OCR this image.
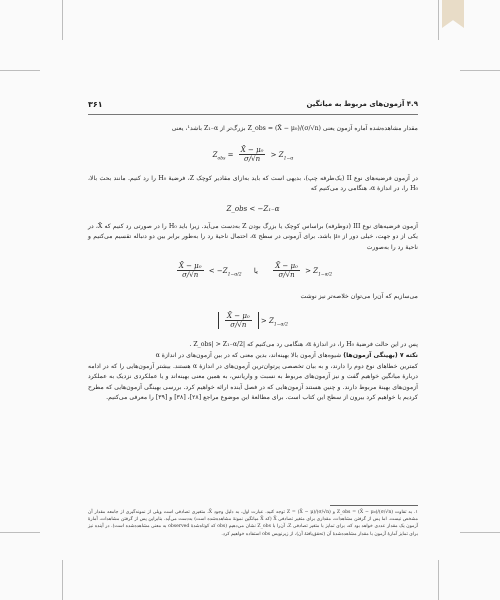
۴.۹ آزمون‌های مربوط به میانگین
۳۶۱
مقدار مشاهده‌شده آماره آزمون یعنی Z_obs = (X̄ − μ₀)/(σ/√n) بزرگ‌تر از Z₁₋α باشد¹، یعنی
$Z_{obs} = \frac{\text{X̄ − μ₀}}{\sigma/√n} > Z_{1-\alpha}$
در آزمون فرضیه‌های نوع II (یک‌طرفه چپ)، بدیهی است که باید به‌ازای مقادیر کوچک Z، فرضیهٔ H₀ را رد کنیم. مانند بحث بالا، H₀ را، در اندازهٔ α، هنگامی رد می‌کنیم که
Z_obs < −Z₁₋α
آزمون فرضیه‌های نوع III (دوطرفه) براساس کوچک یا بزرگ بودن Z به‌دست می‌آید. زیرا باید H₀ را در صورتی رد کنیم که X̄، در یکی از دو جهت، خیلی دور از μ₀ باشد. برای آزمونی در سطح α، احتمال ناحیهٔ رد را به‌طور برابر بین دو دنباله تقسیم می‌کنیم و ناحیهٔ رد را به‌صورت
$\frac{\text{X̄ − μ₀}}{\sigma/√n} < -Z_{1-\alpha/2}$ یا $\frac{\text{X̄ − μ₀}}{\sigma/√n} > Z_{1-\alpha/2}$
می‌سازیم که آن‌را می‌توان خلاصه‌تر نیز نوشت
$\frac{\text{X̄ − μ₀}}{\sigma/√n} > Z_{1-\alpha/2}$
پس در این حالت فرضیهٔ H₀ را، در اندازهٔ α، هنگامی رد می‌کنیم که |Z_obs| > Z₁₋α/2 .
نکته ۷ (بهینگی آزمون‌ها) شیوه‌های آزمون بالا بهینه‌اند، بدین معنی که در بین آزمون‌های در اندازهٔ α
کمترین خطاهای نوع دوم را دارند، و به بیان تخصصی پرتوان‌ترین آزمون‌های در اندازهٔ α هستند. بیشتر آزمون‌هایی را که در ادامه دربارهٔ میانگین خواهیم گفت و نیز آزمون‌های مربوط به نسبت و واریانس، به همین معنی بهینه‌اند و یا عملکردی نزدیک به عملکرد آزمون‌های بهینهٔ مربوط دارند. و چنین هستند آزمون‌هایی که در فصل آینده ارائه خواهیم کرد. بررسی بهینگی آزمون‌هایی که مطرح کردیم یا خواهیم کرد بیرون از سطح این کتاب است. برای مطالعهٔ این موضوع مراجع [۲۸]، [۳۸] و [۳۹] را معرفی می‌کنیم.
۱. به تفاوت Z_obs = (X̄ − μ₀)/(σ/√n) و Z = (X̄ − μ)/(σ/√n) توجه کنید. عبارت اول، به دلیل وجود X̄، متغیری تصادفی است ویلی از نمونه‌گیری از جامعه مقدار آن مشخص نیست. اما پس از گرفتن مشاهدات، مقداری برای متغیر تصادفی X̄ (که X̄ میانگین نمونهٔ مشاهده‌شده است) به‌دست می‌آید. بنابراین پس از گرفتن مشاهدات، آمارهٔ آزمون یک مقدار عددی خواهد بود که، برای تمایز با متغیر تصادفی Z، آن‌را با Z_obs نشان می‌دهیم (obs که کوتاه‌شدهٔ observed به معنی مشاهده‌شده است). در آینده نیز برای تمایز آمارهٔ آزمون با مقدار مشاهده‌شدهٔ آن (تحقق‌یافتهٔ آن)، از زیرنویس obs استفاده خواهیم کرد.
